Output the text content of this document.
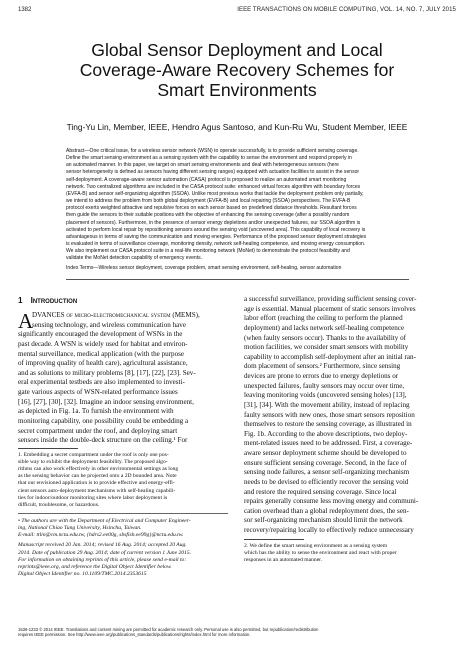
1382	IEEE TRANSACTIONS ON MOBILE COMPUTING, VOL. 14, NO. 7, JULY 2015
Global Sensor Deployment and Local
Coverage-Aware Recovery Schemes for
Smart Environments
Ting-Yu Lin, Member, IEEE, Hendro Agus Santoso, and Kun-Ru Wu, Student Member, IEEE
Abstract—One critical issue, for a wireless sensor network (WSN) to operate successfully, is to provide sufficient sensing coverage.
Define the smart sensing environment as a sensing system with the capability to sense the environment and respond properly in
an automated manner. In this paper, we target on smart sensing environments and deal with heterogeneous sensors (here
sensor heterogeneity is defined as sensors having different sensing ranges) equipped with actuation facilities to assist in the sensor
self-deployment. A coverage-aware sensor automation (CASA) protocol is proposed to realize an automated smart monitoring
network. Two centralized algorithms are included in the CASA protocol suite: enhanced virtual forces algorithm with boundary forces
(EVFA-B) and sensor self-organizing algorithm (SSOA). Unlike most previous works that tackle the deployment problem only partially,
we intend to address the problem from both global deployment (EVFA-B) and local repairing (SSOA) perspectives. The EVFA-B
protocol exerts weighted attractive and repulsive forces on each sensor based on predefined distance thresholds. Resultant forces
then guide the sensors to their suitable positions with the objective of enhancing the sensing coverage (after a possibly random
placement of sensors). Furthermore, in the presence of sensor energy depletions and/or unexpected failures, our SSOA algorithm is
activated to perform local repair by repositioning sensors around the sensing void (uncovered area). This capability of local recovery is
advantageous in terms of saving the communication and moving energies. Performance of the proposed sensor deployment strategies
is evaluated in terms of surveillance coverage, monitoring density, network self-healing competence, and moving energy consumption.
We also implement our CASA protocol suite in a real-life monitoring network (MoNet) to demonstrate the protocol feasibility and
validate the MoNet detection capability of emergency events.
Index Terms—Wireless sensor deployment, coverage problem, smart sensing environment, self-healing, sensor automation
1 Introduction
A
DVANCES of micro-electromechanical system (MEMS),
sensing technology, and wireless communication have
significantly encouraged the development of WSNs in the
past decade. A WSN is widely used for habitat and environ-
mental surveillance, medical application (with the purpose
of improving quality of health care), agricultural assistance,
and as solutions to military problems [8], [17], [22], [23]. Sev-
eral experimental testbeds are also implemented to investi-
gate various aspects of WSN-related performance issues
[16], [27], [30], [32]. Imagine an indoor sensing environment,
as depicted in Fig. 1a. To furnish the environment with
monitoring capability, one possibility could be embedding a
secret compartment under the roof, and deploying smart
sensors inside the double-deck structure on the ceiling.¹ For
1. Embedding a secret compartment under the roof is only one pos-
sible way to exhibit the deployment feasibility. The proposed algo-
rithms can also work effectively in other environmental settings as long
as the sensing behavior can be projected onto a 2D bounded area. Note
that our envisioned application is to provide effective and energy-effi-
cient sensors auto-deployment mechanisms with self-healing capabili-
ties for indoor/outdoor monitoring sites where labor deployment is
difficult, troublesome, or hazardous.
• The authors are with the Department of Electrical and Computer Engineer-
ing, National Chiao Tung University, Hsinchu, Taiwan.
E-mail: ttlin@cm.nctu.edu.tw, {hdrs2.ee00g, sbsfish.ee99g}@nctu.edu.tw.
Manuscript received 20 Jan. 2014; revised 16 Aug. 2014; accepted 20 Aug.
2014. Date of publication 29 Aug. 2014; date of current version 1 June 2015.
For information on obtaining reprints of this article, please send e-mail to:
reprints@ieee.org, and reference the Digital Object Identifier below.
Digital Object Identifier no. 10.1109/TMC.2014.2353615
a successful surveillance, providing sufficient sensing cover-
age is essential. Manual placement of static sensors involves
labor effort (reaching the ceiling to perform the planned
deployment) and lacks network self-healing competence
(when faulty sensors occur). Thanks to the availability of
motion facilities, we consider smart sensors with mobility
capability to accomplish self-deployment after an initial ran-
dom placement of sensors.² Furthermore, since sensing
devices are prone to errors due to energy depletions or
unexpected failures, faulty sensors may occur over time,
leaving monitoring voids (uncovered sensing holes) [13],
[31], [34]. With the movement ability, instead of replacing
faulty sensors with new ones, those smart sensors reposition
themselves to restore the sensing coverage, as illustrated in
Fig. 1b. According to the above descriptions, two deploy-
ment-related issues need to be addressed. First, a coverage-
aware sensor deployment scheme should be developed to
ensure sufficient sensing coverage. Second, in the face of
sensing node failures, a sensor self-organizing mechanism
needs to be devised to efficiently recover the sensing void
and restore the required sensing coverage. Since local
repairs generally consume less moving energy and communi-
cation overhead than a global redeployment does, the sen-
sor self-organizing mechanism should limit the network
recovery/repairing locally to effectively reduce unnecessary
2. We define the smart sensing environment as a sensing system
which has the ability to sense the environment and react with proper
responses in an automated manner.
1536-1233 © 2014 IEEE. Translations and content mining are permitted for academic research only. Personal use is also permitted, but republication/redistribution
requires IEEE permission. See http://www.ieee.org/publications_standards/publications/rights/index.html for more information.
